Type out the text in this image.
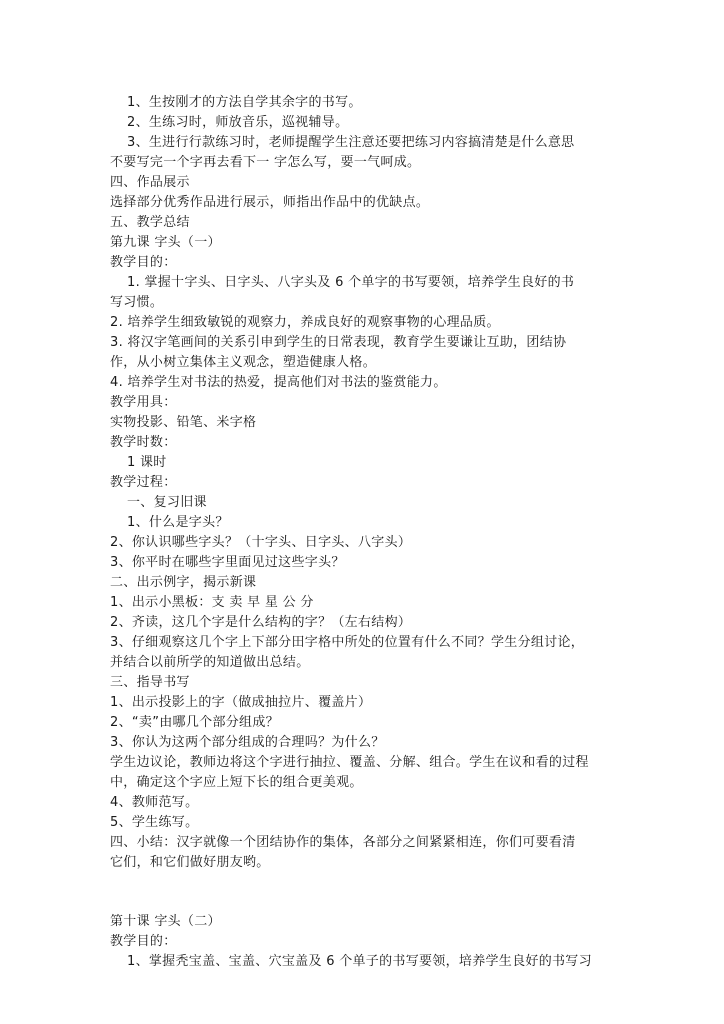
1、生按刚才的方法自学其余字的书写。
2、生练习时，师放音乐，巡视辅导。
3、生进行行款练习时，老师提醒学生注意还要把练习内容搞清楚是什么意思
不要写完一个字再去看下一 字怎么写，要一气呵成。
四、作品展示
选择部分优秀作品进行展示，师指出作品中的优缺点。
五、教学总结
第九课 字头（一）
教学目的：
1. 掌握十字头、日字头、八字头及 6 个单字的书写要领，培养学生良好的书
写习惯。
2. 培养学生细致敏锐的观察力，养成良好的观察事物的心理品质。
3. 将汉字笔画间的关系引申到学生的日常表现，教育学生要谦让互助，团结协
作，从小树立集体主义观念，塑造健康人格。
4. 培养学生对书法的热爱，提高他们对书法的鉴赏能力。
教学用具：
实物投影、铅笔、米字格
教学时数：
1 课时
教学过程：
一、复习旧课
1、什么是字头？
2、你认识哪些字头？（十字头、日字头、八字头）
3、你平时在哪些字里面见过这些字头？
二、出示例字，揭示新课
1、出示小黑板：支 卖 早 星 公 分
2、齐读，这几个字是什么结构的字？（左右结构）
3、仔细观察这几个字上下部分田字格中所处的位置有什么不同？学生分组讨论，
并结合以前所学的知道做出总结。
三、指导书写
1、出示投影上的字（做成抽拉片、覆盖片）
2、“卖”由哪几个部分组成？
3、你认为这两个部分组成的合理吗？为什么？
学生边议论，教师边将这个字进行抽拉、覆盖、分解、组合。学生在议和看的过程
中，确定这个字应上短下长的组合更美观。
4、教师范写。
5、学生练写。
四、小结：汉字就像一个团结协作的集体，各部分之间紧紧相连，你们可要看清
它们，和它们做好朋友哟。
第十课 字头（二）
教学目的：
1、掌握秃宝盖、宝盖、穴宝盖及 6 个单子的书写要领，培养学生良好的书写习
